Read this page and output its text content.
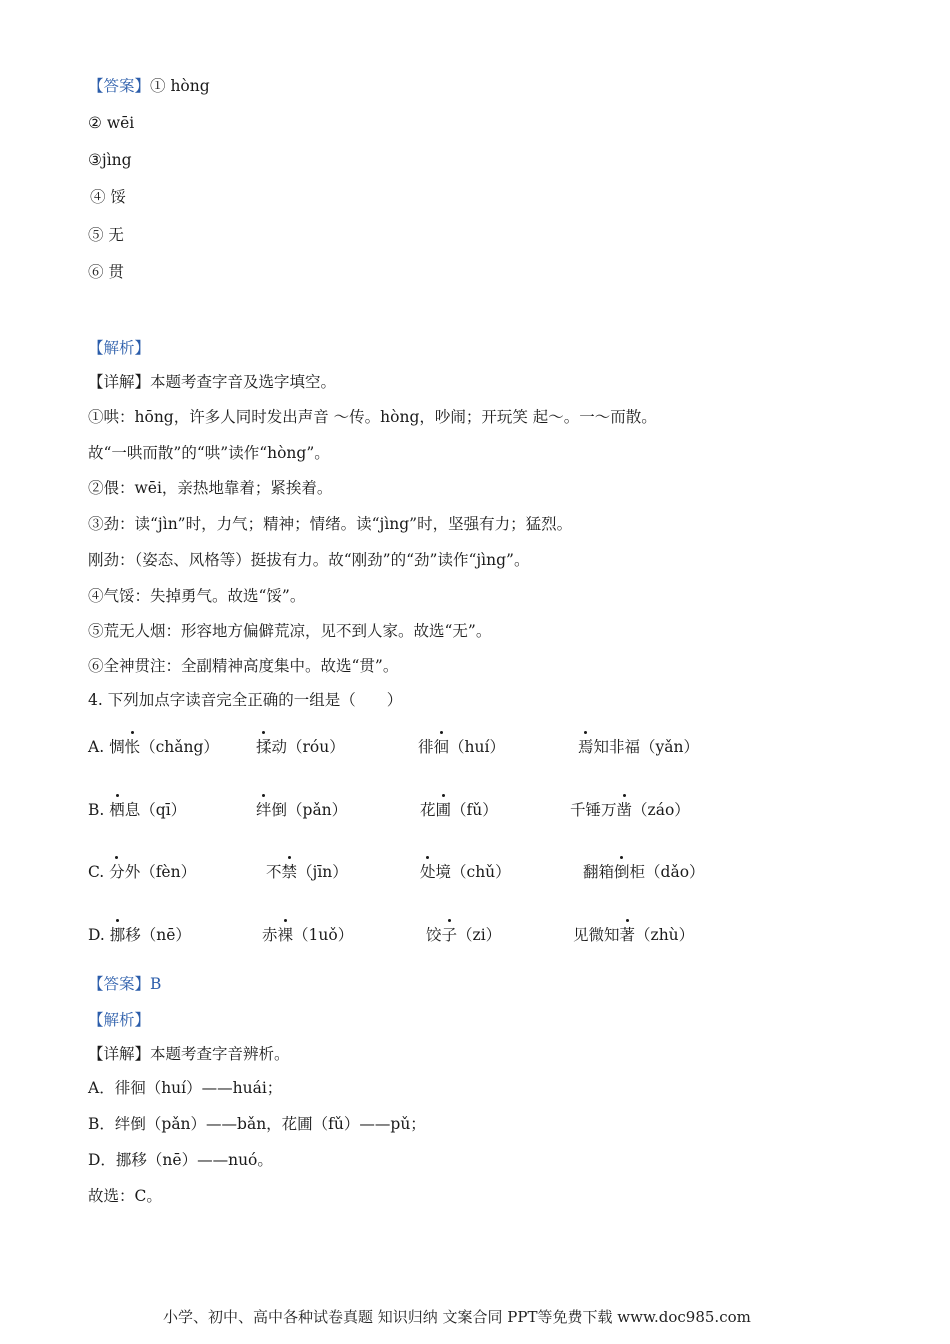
【答案】① hòng
② wēi
③jìng
④ 馁
⑤ 无
⑥ 贯
【解析】
【详解】本题考查字音及选字填空。
①哄：hōng，许多人同时发出声音 ～传。hòng，吵闹；开玩笑 起～。一～而散。
故“一哄而散”的“哄”读作“hòng”。
②偎：wēi，亲热地靠着；紧挨着。
③劲：读“jìn”时，力气；精神；情绪。读“jìng”时，坚强有力；猛烈。
刚劲：（姿态、风格等）挺拔有力。故“刚劲”的“劲”读作“jìng”。
④气馁：失掉勇气。故选“馁”。
⑤荒无人烟：形容地方偏僻荒凉，见不到人家。故选“无”。
⑥全神贯注：全副精神高度集中。故选“贯”。
4. 下列加点字读音完全正确的一组是（　　）
A. 惆怅（chǎng） 揉动（róu）	徘徊（huí）	焉知非福（yǎn）
B. 栖息（qī）	绊倒（pǎn）	花圃（fǔ）	千锤万凿（záo）
C. 分外（fèn）	不禁（jīn）	处境（chǔ）	翻箱倒柜（dǎo）
D. 挪移（nē）	赤裸（1uǒ）	饺子（zi）	见微知著（zhù）
【答案】B
【解析】
【详解】本题考查字音辨析。
A．徘徊（huí）——huái；
B．绊倒（pǎn）——bǎn，花圃（fǔ）——pǔ；
D．挪移（nē）——nuó。
故选：C。
小学、初中、高中各种试卷真题 知识归纳 文案合同 PPT等免费下载 www.doc985.com
